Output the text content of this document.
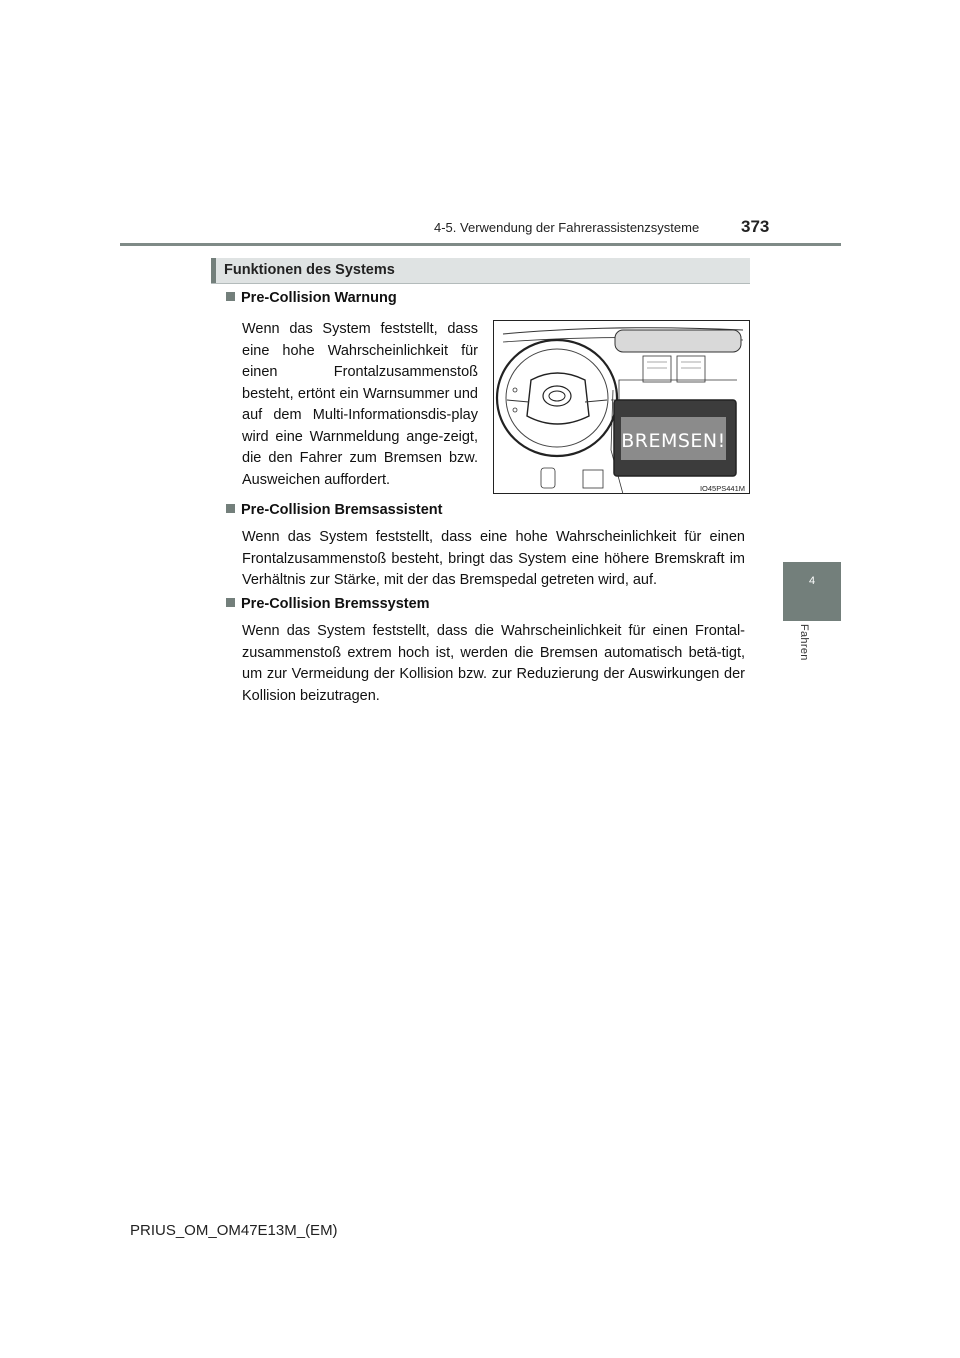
4-5. Verwendung der Fahrerassistenzsysteme 373
4
Fahren
Funktionen des Systems
Pre-Collision Warnung
Wenn das System feststellt, dass eine hohe Wahrscheinlichkeit für einen Frontalzusammenstoß besteht, ertönt ein Warnsummer und auf dem Multi-Informationsdis-play wird eine Warnmeldung ange-zeigt, die den Fahrer zum Bremsen bzw. Ausweichen auffordert.
BREMSEN!
IO45PS441M
Pre-Collision Bremsassistent
Wenn das System feststellt, dass eine hohe Wahrscheinlichkeit für einen Frontalzusammenstoß besteht, bringt das System eine höhere Bremskraft im Verhältnis zur Stärke, mit der das Bremspedal getreten wird, auf.
Pre-Collision Bremssystem
Wenn das System feststellt, dass die Wahrscheinlichkeit für einen Frontal-zusammenstoß extrem hoch ist, werden die Bremsen automatisch betä-tigt, um zur Vermeidung der Kollision bzw. zur Reduzierung der Auswirkungen der Kollision beizutragen.
PRIUS_OM_OM47E13M_(EM)
